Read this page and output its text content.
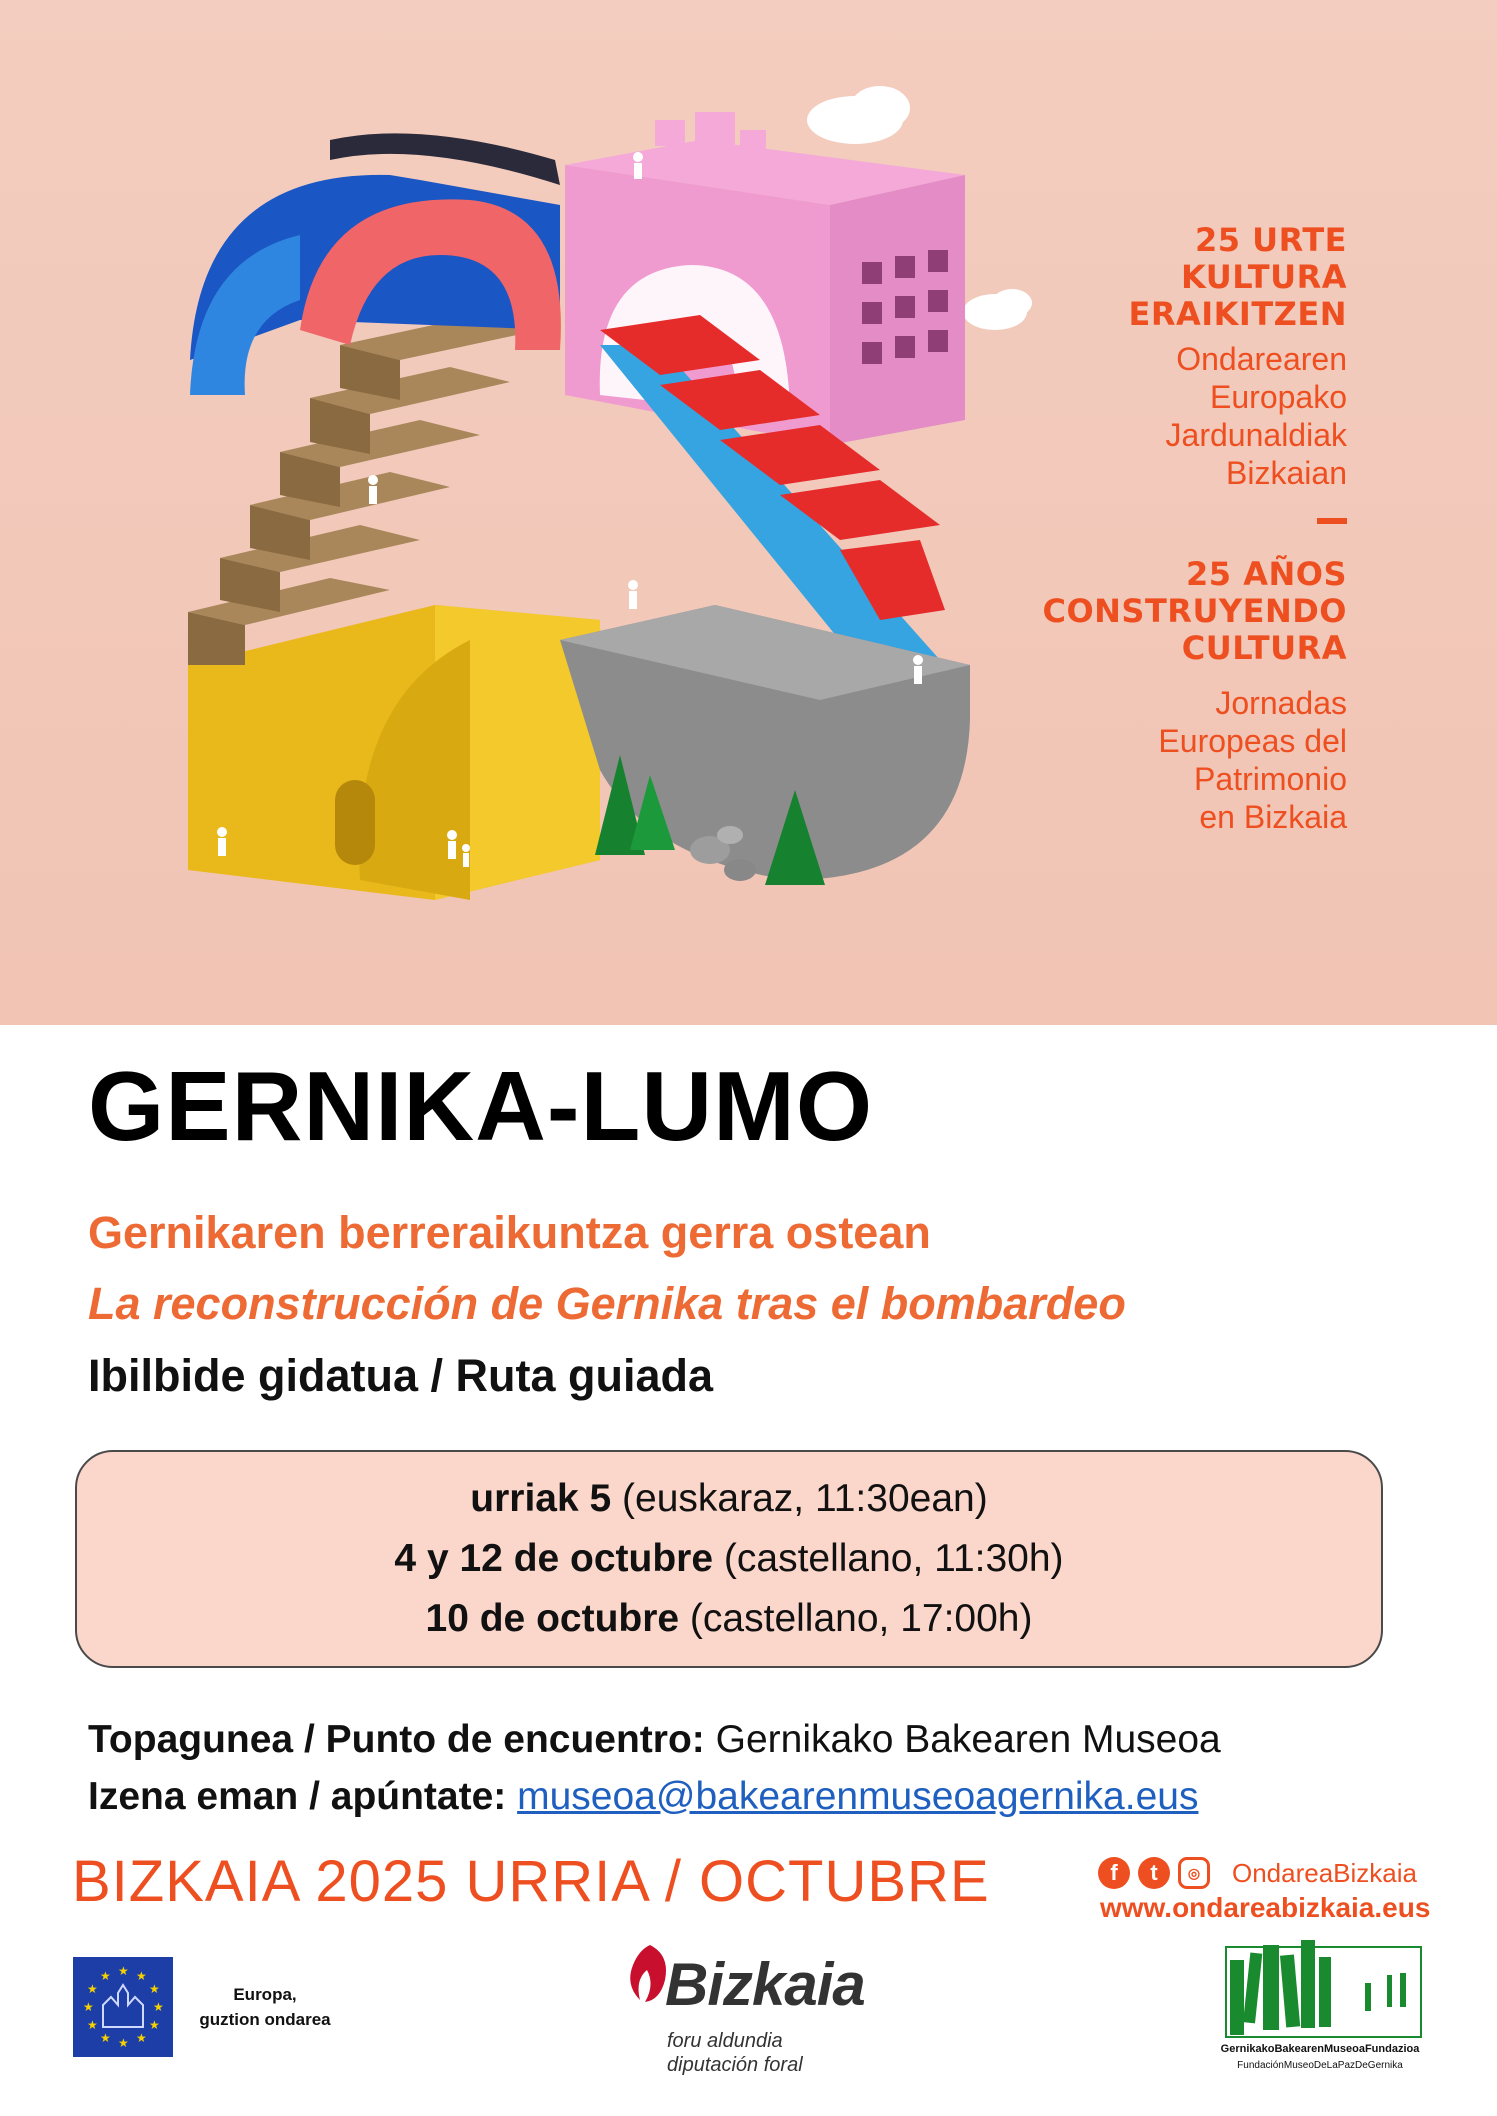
25 URTE
KULTURA
ERAIKITZEN
Ondarearen
Europako
Jardunaldiak
Bizkaian
25 AÑOS
CONSTRUYENDO
CULTURA
Jornadas
Europeas del
Patrimonio
en Bizkaia
GERNIKA-LUMO
Gernikaren berreraikuntza gerra ostean
La reconstrucción de Gernika tras el bombardeo
Ibilbide gidatua / Ruta guiada
urriak 5 (euskaraz, 11:30ean)
4 y 12 de octubre (castellano, 11:30h)
10 de octubre (castellano, 17:00h)
Topagunea / Punto de encuentro: Gernikako Bakearen Museoa
Izena eman / apúntate: museoa@bakearenmuseoagernika.eus
BIZKAIA 2025 URRIA / OCTUBRE	f	t	◎	OndareaBizkaia
www.ondareabizkaia.eus
★ ★
★
★
★
★
★
★
★
★
★
★
Europa,
guztion ondarea
Bizkaia
foru aldundia
diputación foral
GernikakoBakearenMuseoaFundazioa
FundaciónMuseoDeLaPazDeGernika
